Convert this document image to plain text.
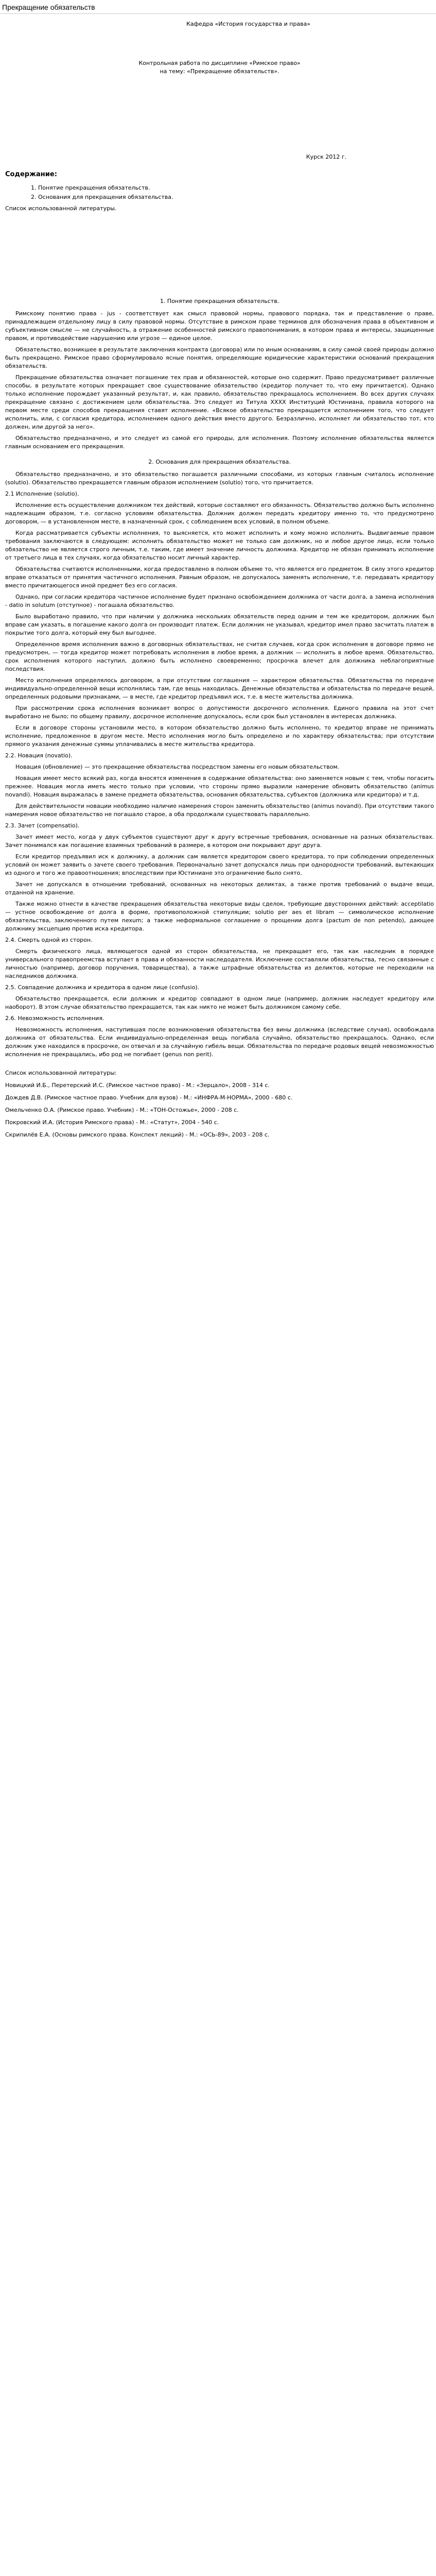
Прекращение обязательств
Кафедра «История государства и права»
Контрольная работа по дисциплине «Римское право»
на тему: «Прекращение обязательств».
Курск 2012 г.
Содержание:
1. Понятие прекращения обязательств.
2. Основания для прекращения обязательства.
Список использованной литературы.
1. Понятие прекращения обязательств.

Римскому понятию права - jus - соответствует как смысл правовой нормы, правового порядка, так и представление о праве, принадлежащем отдельному лицу в силу правовой нормы. Отсутствие в римском праве терминов для обозначения права в объективном и субъективном смысле — не случайность, а отражение особенностей римского правопонимания, в котором права и интересы, защищенные правом, и противодействие нарушению или угрозе — единое целое.

Обязательство, возникшее в результате заключения контракта (договора) или по иным основаниям, в силу самой своей природы должно быть прекращено. Римское право сформулировало ясные понятия, определяющие юридические характеристики оснований прекращения обязательств.

Прекращение обязательства означает погашение тех прав и обязанностей, которые оно содержит. Право предусматривает различные способы, в результате которых прекращает свое существование обязательство (кредитор получает то, что ему причитается). Однако только исполнение порождает указанный результат, и, как правило, обязательство прекращалось исполнением. Во всех других случаях прекращение связано с достижением цели обязательства. Это следует из Титула XXXX Институций Юстиниана, правила которого на первом месте среди способов прекращения ставят исполнение. «Всякое обязательство прекращается исполнением того, что следует исполнить, или, с согласия кредитора, исполнением одного действия вместо другого. Безразлично, исполняет ли обязательство тот, кто должен, или другой за него».

Обязательство предназначено, и это следует из самой его природы, для исполнения. Поэтому исполнение обязательства является главным основанием его прекращения.

2. Основания для прекращения обязательства.

Обязательство предназначено, и это обязательство погашается различными способами, из которых главным считалось исполнение (solutio). Обязательство прекращается главным образом исполнением (solutio) того, что причитается.

2.1 Исполнение (solutio).

Исполнение есть осуществление должником тех действий, которые составляют его обязанность. Обязательство должно быть исполнено надлежащим образом, т.е. согласно условиям обязательства. Должник должен передать кредитору именно то, что предусмотрено договором, — в установленном месте, в назначенный срок, с соблюдением всех условий, в полном объеме.

Когда рассматривается субъекты исполнения, то выясняется, кто может исполнить и кому можно исполнить. Выдвигаемые правом требования заключаются в следующем: исполнить обязательство может не только сам должник, но и любое другое лицо, если только обязательство не является строго личным, т.е. таким, где имеет значение личность должника. Кредитор не обязан принимать исполнение от третьего лица в тех случаях, когда обязательство носит личный характер.

Обязательства считаются исполненными, когда предоставлено в полном объеме то, что является его предметом. В силу этого кредитор вправе отказаться от принятия частичного исполнения. Равным образом, не допускалось заменять исполнение, т.е. передавать кредитору вместо причитающегося иной предмет без его согласия.

Однако, при согласии кредитора частичное исполнение будет признано освобождением должника от части долга, а замена исполнения - datio in solutum (отступное) - погашала обязательство.

Было выработано правило, что при наличии у должника нескольких обязательств перед одним и тем же кредитором, должник был вправе сам указать, в погашение какого долга он производит платеж. Если должник не указывал, кредитор имел право засчитать платеж в покрытие того долга, который ему был выгоднее.

Определенное время исполнения важно в договорных обязательствах, не считая случаев, когда срок исполнения в договоре прямо не предусмотрен, — тогда кредитор может потребовать исполнения в любое время, а должник — исполнить в любое время. Обязательство, срок исполнения которого наступил, должно быть исполнено своевременно; просрочка влечет для должника неблагоприятные последствия.

Место исполнения определялось договором, а при отсутствии соглашения — характером обязательства. Обязательства по передаче индивидуально-определенной вещи исполнялись там, где вещь находилась. Денежные обязательства и обязательства по передаче вещей, определенных родовыми признаками, — в месте, где кредитор предъявил иск, т.е. в месте жительства должника.

При рассмотрении срока исполнения возникает вопрос о допустимости досрочного исполнения. Единого правила на этот счет выработано не было; по общему правилу, досрочное исполнение допускалось, если срок был установлен в интересах должника.

Если в договоре стороны установили место, в котором обязательство должно быть исполнено, то кредитор вправе не принимать исполнение, предложенное в другом месте. Место исполнения могло быть определено и по характеру обязательства; при отсутствии прямого указания денежные суммы уплачивались в месте жительства кредитора.

2.2. Новация (novatio).

Новация (обновление) — это прекращение обязательства посредством замены его новым обязательством.

Новация имеет место всякий раз, когда вносятся изменения в содержание обязательства: оно заменяется новым с тем, чтобы погасить прежнее. Новация могла иметь место только при условии, что стороны прямо выразили намерение обновить обязательство (animus novandi). Новация выражалась в замене предмета обязательства, основания обязательства, субъектов (должника или кредитора) и т.д.

Для действительности новации необходимо наличие намерения сторон заменить обязательство (animus novandi). При отсутствии такого намерения новое обязательство не погашало старое, а оба продолжали существовать параллельно.

2.3. Зачет (compensatio).

Зачет имеет место, когда у двух субъектов существуют друг к другу встречные требования, основанные на разных обязательствах. Зачет понимался как погашение взаимных требований в размере, в котором они покрывают друг друга.

Если кредитор предъявил иск к должнику, а должник сам является кредитором своего кредитора, то при соблюдении определенных условий он может заявить о зачете своего требования. Первоначально зачет допускался лишь при однородности требований, вытекающих из одного и того же правоотношения; впоследствии при Юстиниане это ограничение было снято.

Зачет не допускался в отношении требований, основанных на некоторых деликтах, а также против требований о выдаче вещи, отданной на хранение.

Также можно отнести в качестве прекращения обязательства некоторые виды сделок, требующие двусторонних действий: acceptilatio — устное освобождение от долга в форме, противоположной стипуляции; solutio per aes et libram — символическое исполнение обязательства, заключенного путем nexum; а также неформальное соглашение о прощении долга (pactum de non petendo), дающее должнику эксцепцию против иска кредитора.

2.4. Смерть одной из сторон.

Смерть физического лица, являющегося одной из сторон обязательства, не прекращает его, так как наследник в порядке универсального правопреемства вступает в права и обязанности наследодателя. Исключение составляли обязательства, тесно связанные с личностью (например, договор поручения, товарищества), а также штрафные обязательства из деликтов, которые не переходили на наследников должника.

2.5. Совпадение должника и кредитора в одном лице (confusio).

Обязательство прекращается, если должник и кредитор совпадают в одном лице (например, должник наследует кредитору или наоборот). В этом случае обязательство прекращается, так как никто не может быть должником самому себе.

2.6. Невозможность исполнения.

Невозможность исполнения, наступившая после возникновения обязательства без вины должника (вследствие случая), освобождала должника от обязательства. Если индивидуально-определенная вещь погибала случайно, обязательство прекращалось. Однако, если должник уже находился в просрочке, он отвечал и за случайную гибель вещи. Обязательства по передаче родовых вещей невозможностью исполнения не прекращались, ибо род не погибает (genus non perit).

Список использованной литературы:
Новицкий И.Б., Перетерский И.С. (Римское частное право) - М.: «Зерцало», 2008 - 314 с.
Дождев Д.В. (Римское частное право. Учебник для вузов) - М.: «ИНФРА-М-НОРМА», 2000 - 680 с.
Омельченко О.А. (Римское право. Учебник) - М.: «ТОН-Остожье», 2000 - 208 с.
Покровский И.А. (История Римского права) - М.: «Статут», 2004 - 540 с.
Скрипилёв Е.А. (Основы римского права. Конспект лекций) - М.: «ОСЬ-89», 2003 - 208 с.
